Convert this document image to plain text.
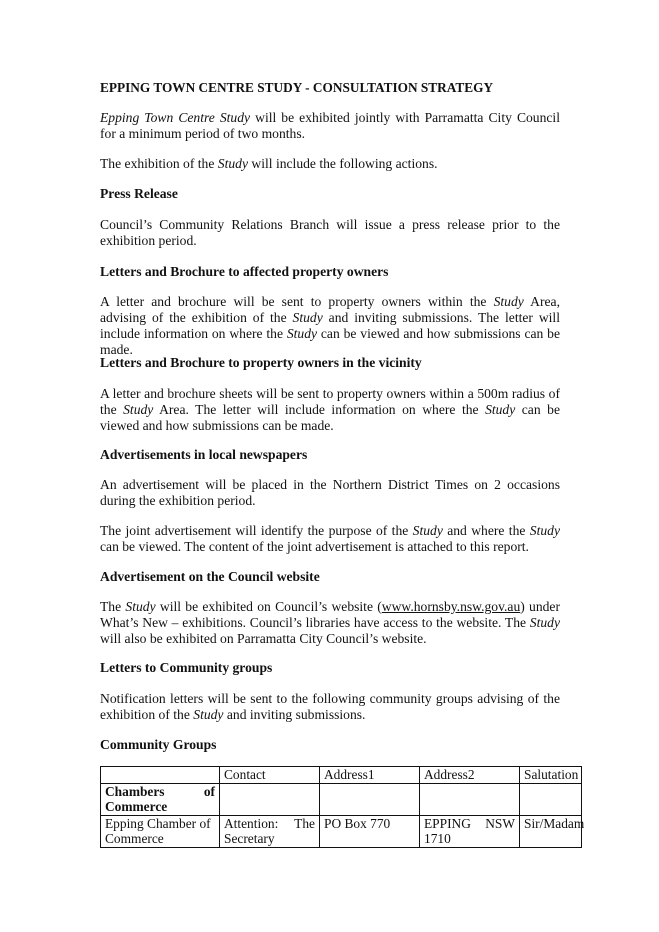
EPPING TOWN CENTRE STUDY - CONSULTATION STRATEGY

Epping Town Centre Study will be exhibited jointly with Parramatta City Council for a minimum period of two months.

The exhibition of the Study will include the following actions.

Press Release

Council’s Community Relations Branch will issue a press release prior to the exhibition period.

Letters and Brochure to affected property owners

A letter and brochure will be sent to property owners within the Study Area, advising of the exhibition of the Study and inviting submissions. The letter will include information on where the Study can be viewed and how submissions can be made.

Letters and Brochure to property owners in the vicinity

A letter and brochure sheets will be sent to property owners within a 500m radius of the Study Area. The letter will include information on where the Study can be viewed and how submissions can be made.

Advertisements in local newspapers

An advertisement will be placed in the Northern District Times on 2 occasions during the exhibition period.

The joint advertisement will identify the purpose of the Study and where the Study can be viewed. The content of the joint advertisement is attached to this report.

Advertisement on the Council website

The Study will be exhibited on Council’s website (www.hornsby.nsw.gov.au) under What’s New – exhibitions. Council’s libraries have access to the website. The Study will also be exhibited on Parramatta City Council’s website.

Letters to Community groups

Notification letters will be sent to the following community groups advising of the exhibition of the Study and inviting submissions.

Community Groups

	Contact	Address1	Address2	Salutation
Chambers of Commerce				
Epping Chamber of Commerce	Attention: The Secretary	PO Box 770	EPPING NSW 1710	Sir/Madam
